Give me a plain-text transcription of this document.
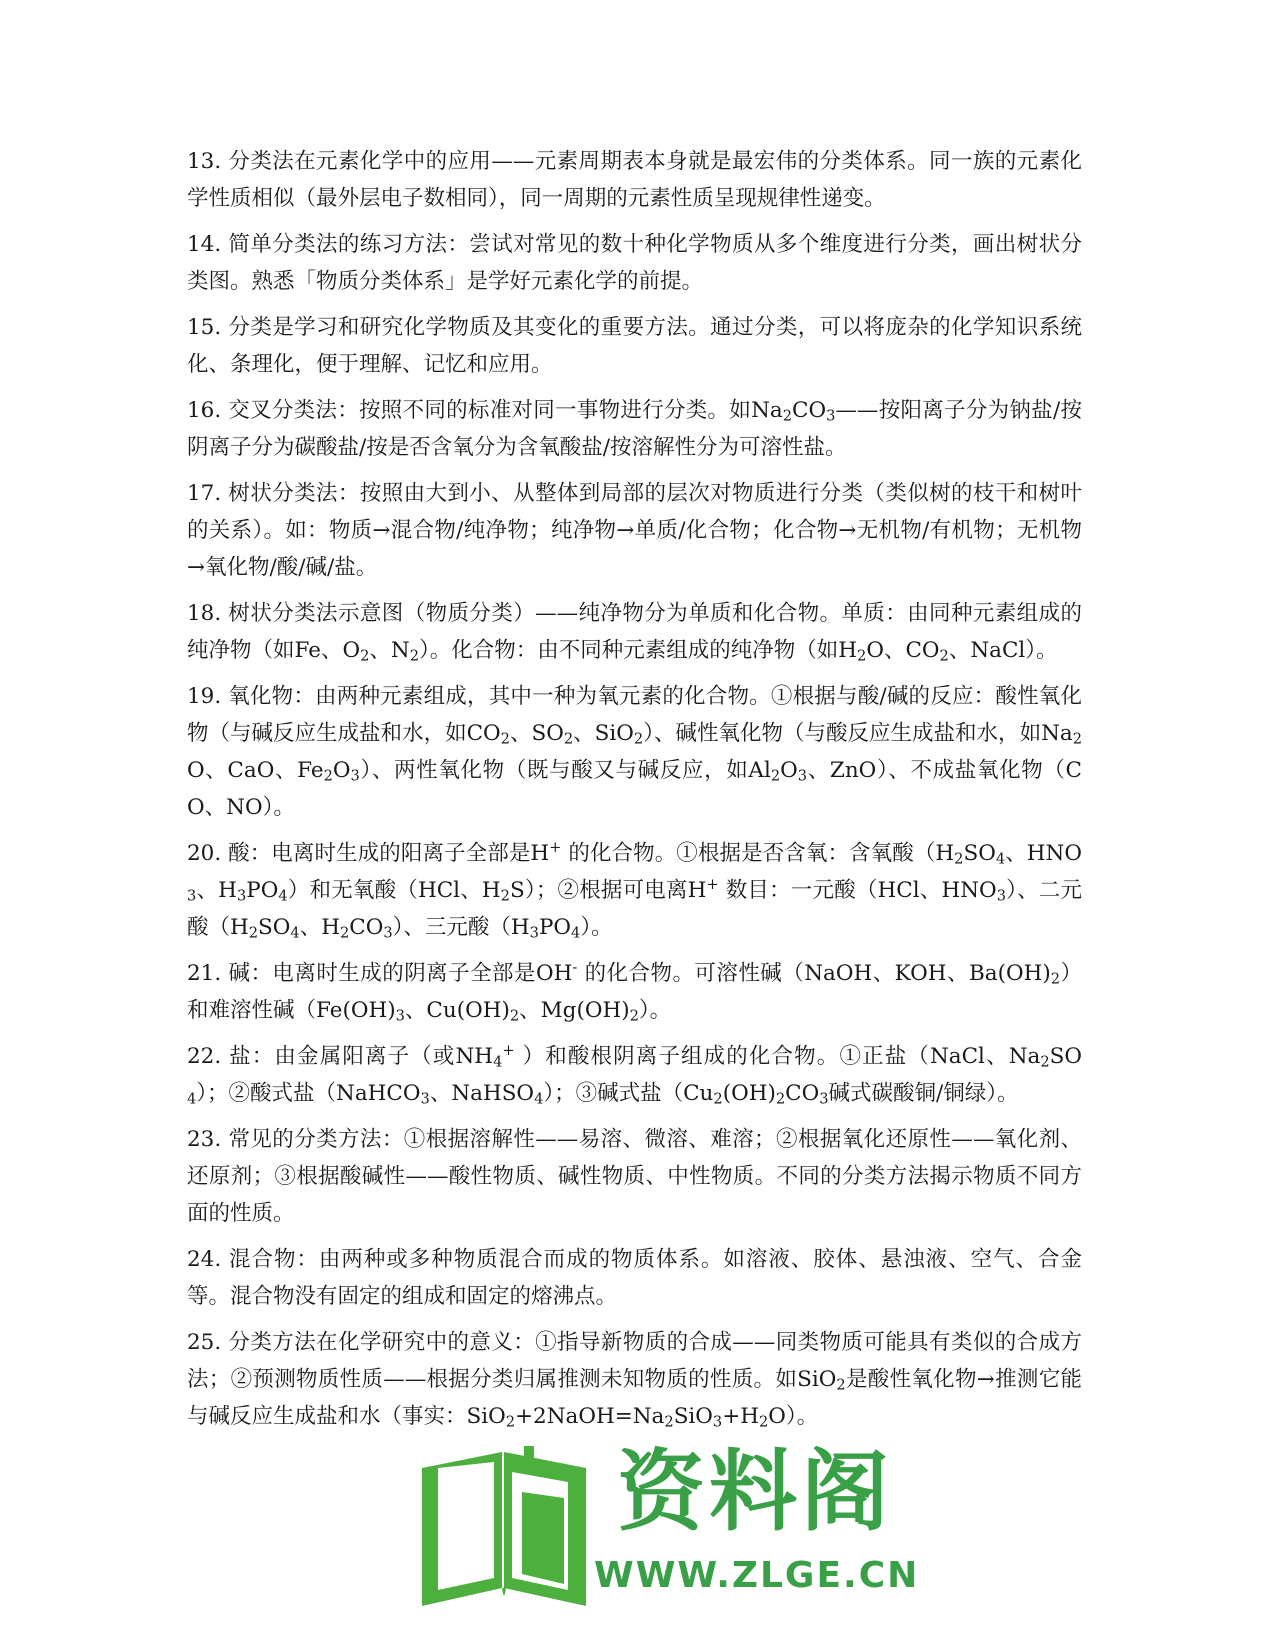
13. 分类法在元素化学中的应用——元素周期表本身就是最宏伟的分类体系。同一族的元素化学性质相似（最外层电子数相同），同一周期的元素性质呈现规律性递变。

14. 简单分类法的练习方法：尝试对常见的数十种化学物质从多个维度进行分类，画出树状分类图。熟悉「物质分类体系」是学好元素化学的前提。

15. 分类是学习和研究化学物质及其变化的重要方法。通过分类，可以将庞杂的化学知识系统化、条理化，便于理解、记忆和应用。

16. 交叉分类法：按照不同的标准对同一事物进行分类。如$Na_2CO_3——$按阳离子分为钠盐/按阴离子分为碳酸盐/按是否含氧分为含氧酸盐/按溶解性分为可溶性盐。

17. 树状分类法：按照由大到小、从整体到局部的层次对物质进行分类（类似树的枝干和树叶的关系）。如：物质→混合物/纯净物；纯净物→单质/化合物；化合物→无机物/有机物；无机物→氧化物/酸/碱/盐。

18. 树状分类法示意图（物质分类）——纯净物分为单质和化合物。单质：由同种元素组成的纯净物（如Fe、$O_2$、$N_2$）。化合物：由不同种元素组成的纯净物（如$H_2O$、$CO_2$、NaCl）。

19. 氧化物：由两种元素组成，其中一种为氧元素的化合物。①根据与酸/碱的反应：酸性氧化物（与碱反应生成盐和水，如$CO_2$、$SO_2$、SiO$_2$）、碱性氧化物（与酸反应生成盐和水，如$Na_2O$、CaO、$Fe_2O_3$）、两性氧化物（既与酸又与碱反应，如$Al_2O_3$、ZnO）、不成盐氧化物（CO、NO）。

20. 酸：电离时生成的阳离子全部是H+ 的化合物。①根据是否含氧：含氧酸（$H_2SO_4$、$HNO_3$、$H_3PO_4$）和无氧酸（HCl、$H_2S$）；②根据可电离H+ 数目：一元酸（HCl、$HNO_3$）、二元酸（$H_2SO_4$、$H_2CO_3$）、三元酸$(H_3PO_4)$。

21. 碱：电离时生成的阴离子全部是OH- 的化合物。可溶性碱（NaOH、KOH、$Ba(OH)_2$）和难溶性碱（$Fe(OH)_3$、$Cu(OH)_2$、$Mg(OH)_2$）。

22. 盐：由金属阳离子（或$NH_4^+$ ）和酸根阴离子组成的化合物。①正盐（NaCl、$Na_2SO_4$）；②酸式盐（NaHCO$_3$、NaHSO$_4$）；③碱式盐（$Cu_2(OH)_2CO_3$碱式碳酸铜/铜绿）。

23. 常见的分类方法：①根据溶解性——易溶、微溶、难溶；②根据氧化还原性——氧化剂、还原剂；③根据酸碱性——酸性物质、碱性物质、中性物质。不同的分类方法揭示物质不同方面的性质。

24. 混合物：由两种或多种物质混合而成的物质体系。如溶液、胶体、悬浊液、空气、合金等。混合物没有固定的组成和固定的熔沸点。

25. 分类方法在化学研究中的意义：①指导新物质的合成——同类物质可能具有类似的合成方法；②预测物质性质——根据分类归属推测未知物质的性质。如SiO$_2$是酸性氧化物→推测它能与碱反应生成盐和水（事实：$SiO_2+2NaOH=Na_2SiO_3+H_2O$）。

资料阁
WWW.ZLGE.CN
